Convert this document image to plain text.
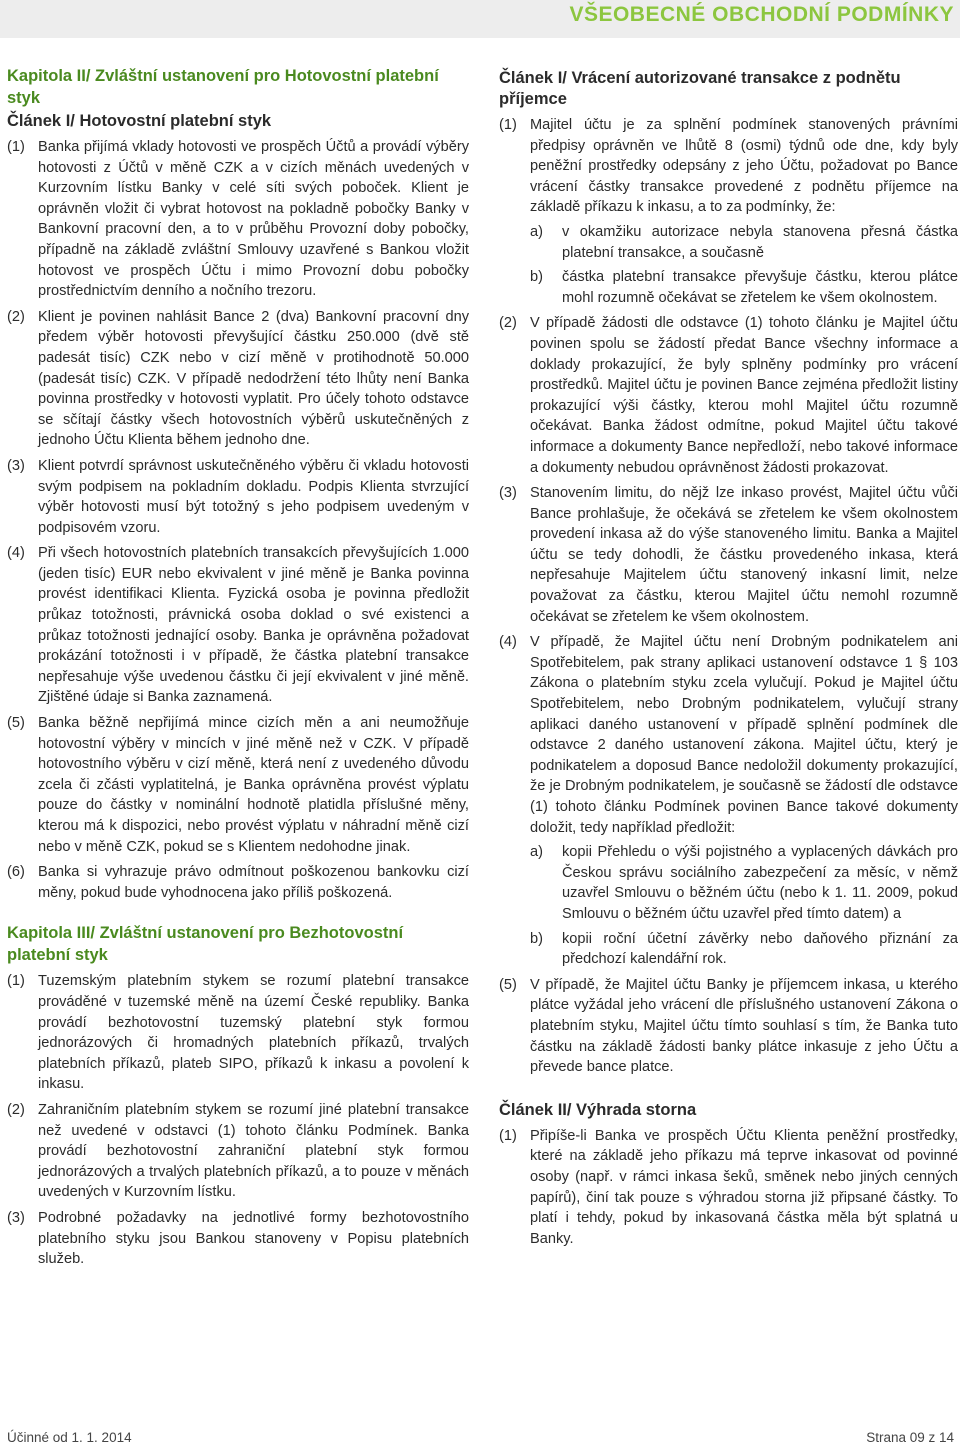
VŠEOBECNÉ OBCHODNÍ PODMÍNKY
Kapitola II/ Zvláštní ustanovení pro Hotovostní platební styk
Článek I/ Hotovostní platební styk
(1) Banka přijímá vklady hotovosti ve prospěch Účtů a provádí výběry hotovosti z Účtů v měně CZK a v cizích měnách uvedených v Kurzovním lístku Banky v celé síti svých poboček. Klient je oprávněn vložit či vybrat hotovost na pokladně pobočky Banky v Bankovní pracovní den, a to v průběhu Provozní doby pobočky, případně na základě zvláštní Smlouvy uzavřené s Bankou vložit hotovost ve prospěch Účtu i mimo Provozní dobu pobočky prostřednictvím denního a nočního trezoru.
(2) Klient je povinen nahlásit Bance 2 (dva) Bankovní pracovní dny předem výběr hotovosti převyšující částku 250.000 (dvě stě padesát tisíc) CZK nebo v cizí měně v protihodnotě 50.000 (padesát tisíc) CZK. V případě nedodržení této lhůty není Banka povinna prostředky v hotovosti vyplatit. Pro účely tohoto odstavce se sčítají částky všech hotovostních výběrů uskutečněných z jednoho Účtu Klienta během jednoho dne.
(3) Klient potvrdí správnost uskutečněného výběru či vkladu hotovosti svým podpisem na pokladním dokladu. Podpis Klienta stvrzující výběr hotovosti musí být totožný s jeho podpisem uvedeným v podpisovém vzoru.
(4) Při všech hotovostních platebních transakcích převyšujících 1.000 (jeden tisíc) EUR nebo ekvivalent v jiné měně je Banka povinna provést identifikaci Klienta. Fyzická osoba je povinna předložit průkaz totožnosti, právnická osoba doklad o své existenci a průkaz totožnosti jednající osoby. Banka je oprávněna požadovat prokázání totožnosti i v případě, že částka platební transakce nepřesahuje výše uvedenou částku či její ekvivalent v jiné měně. Zjištěné údaje si Banka zaznamená.
(5) Banka běžně nepřijímá mince cizích měn a ani neumožňuje hotovostní výběry v mincích v jiné měně než v CZK. V případě hotovostního výběru v cizí měně, která není z uvedeného důvodu zcela či zčásti vyplatitelná, je Banka oprávněna provést výplatu pouze do částky v nominální hodnotě platidla příslušné měny, kterou má k dispozici, nebo provést výplatu v náhradní měně cizí nebo v měně CZK, pokud se s Klientem nedohodne jinak.
(6) Banka si vyhrazuje právo odmítnout poškozenou bankovku cizí měny, pokud bude vyhodnocena jako příliš poškozená.
Kapitola III/ Zvláštní ustanovení pro Bezhotovostní platební styk
(1) Tuzemským platebním stykem se rozumí platební transakce prováděné v tuzemské měně na území České republiky. Banka provádí bezhotovostní tuzemský platební styk formou jednorázových či hromadných platebních příkazů, trvalých platebních příkazů, plateb SIPO, příkazů k inkasu a povolení k inkasu.
(2) Zahraničním platebním stykem se rozumí jiné platební transakce než uvedené v odstavci (1) tohoto článku Podmínek. Banka provádí bezhotovostní zahraniční platební styk formou jednorázových a trvalých platebních příkazů, a to pouze v měnách uvedených v Kurzovním lístku.
(3) Podrobné požadavky na jednotlivé formy bezhotovostního platebního styku jsou Bankou stanoveny v Popisu platebních služeb.
Článek I/ Vrácení autorizované transakce z podnětu příjemce
(1) Majitel účtu je za splnění podmínek stanovených právními předpisy oprávněn ve lhůtě 8 (osmi) týdnů ode dne, kdy byly peněžní prostředky odepsány z jeho Účtu, požadovat po Bance vrácení částky transakce provedené z podnětu příjemce na základě příkazu k inkasu, a to za podmínky, že:
a)	v okamžiku autorizace nebyla stanovena přesná částka platební transakce, a současně
b)	částka platební transakce převyšuje částku, kterou plátce mohl rozumně očekávat se zřetelem ke všem okolnostem.
(2) V případě žádosti dle odstavce (1) tohoto článku je Majitel účtu povinen spolu se žádostí předat Bance všechny informace a doklady prokazující, že byly splněny podmínky pro vrácení prostředků. Majitel účtu je povinen Bance zejména předložit listiny prokazující výši částky, kterou mohl Majitel účtu rozumně očekávat. Banka žádost odmítne, pokud Majitel účtu takové informace a dokumenty Bance nepředloží, nebo takové informace a dokumenty nebudou oprávněnost žádosti prokazovat.
(3) Stanovením limitu, do nějž lze inkaso provést, Majitel účtu vůči Bance prohlašuje, že očekává se zřetelem ke všem okolnostem provedení inkasa až do výše stanoveného limitu. Banka a Majitel účtu se tedy dohodli, že částku provedeného inkasa, která nepřesahuje Majitelem účtu stanovený inkasní limit, nelze považovat za částku, kterou Majitel účtu nemohl rozumně očekávat se zřetelem ke všem okolnostem.
(4) V případě, že Majitel účtu není Drobným podnikatelem ani Spotřebitelem, pak strany aplikaci ustanovení odstavce 1 § 103 Zákona o platebním styku zcela vylučují. Pokud je Majitel účtu Spotřebitelem, nebo Drobným podnikatelem, vylučují strany aplikaci daného ustanovení v případě splnění podmínek dle odstavce 2 daného ustanovení zákona. Majitel účtu, který je podnikatelem a doposud Bance nedoložil dokumenty prokazující, že je Drobným podnikatelem, je současně se žádostí dle odstavce (1) tohoto článku Podmínek povinen Bance takové dokumenty doložit, tedy například předložit:
a)	kopii Přehledu o výši pojistného a vyplacených dávkách pro Českou správu sociálního zabezpečení za měsíc, v němž uzavřel Smlouvu o běžném účtu (nebo k 1. 11. 2009, pokud Smlouvu o běžném účtu uzavřel před tímto datem) a
b)	kopii roční účetní závěrky nebo daňového přiznání za předchozí kalendářní rok.
(5) V případě, že Majitel účtu Banky je příjemcem inkasa, u kterého plátce vyžádal jeho vrácení dle příslušného ustanovení Zákona o platebním styku, Majitel účtu tímto souhlasí s tím, že Banka tuto částku na základě žádosti banky plátce inkasuje z jeho Účtu a převede bance platce.
Článek II/ Výhrada storna
(1) Připíše-li Banka ve prospěch Účtu Klienta peněžní prostředky, které na základě jeho příkazu má teprve inkasovat od povinné osoby (např. v rámci inkasa šeků, směnek nebo jiných cenných papírů), činí tak pouze s výhradou storna již připsané částky. To platí i tehdy, pokud by inkasovaná částka měla být splatná u Banky.
Účinné od 1. 1. 2014	Strana 09 z 14
